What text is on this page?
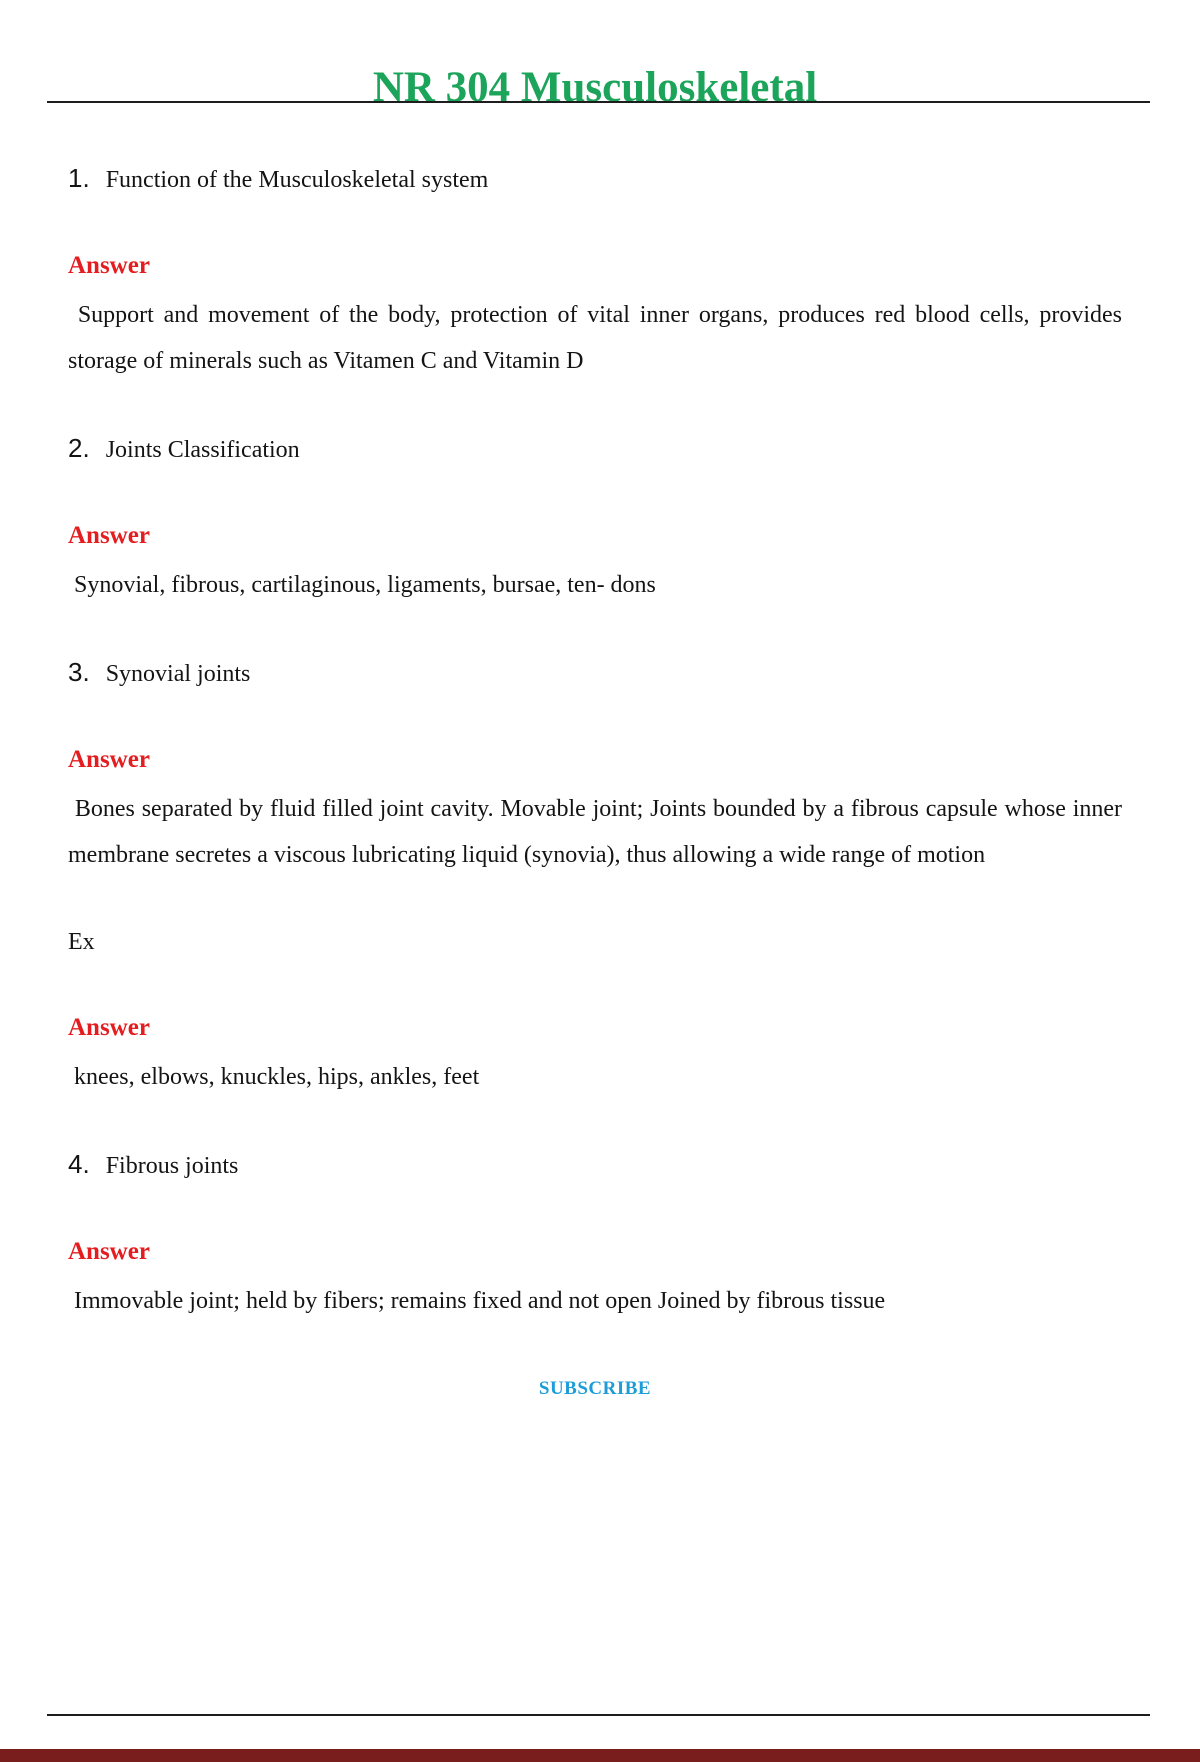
NR 304 Musculoskeletal
1. Function of the Musculoskeletal system
Answer

Support and movement of the body, protection of vital inner organs, produces red blood cells, provides storage of minerals such as Vitamen C and Vitamin D

2. Joints Classification
Answer

Synovial, fibrous, cartilaginous, ligaments, bursae, ten- dons

3. Synovial joints
Answer

Bones separated by fluid filled joint cavity. Movable joint; Joints bounded by a fibrous capsule whose inner membrane secretes a viscous lubricating liquid (synovia), thus allowing a wide range of motion

Ex
Answer

knees, elbows, knuckles, hips, ankles, feet

4. Fibrous joints
Answer

Immovable joint; held by fibers; remains fixed and not open Joined by fibrous tissue

SUBSCRIBE
